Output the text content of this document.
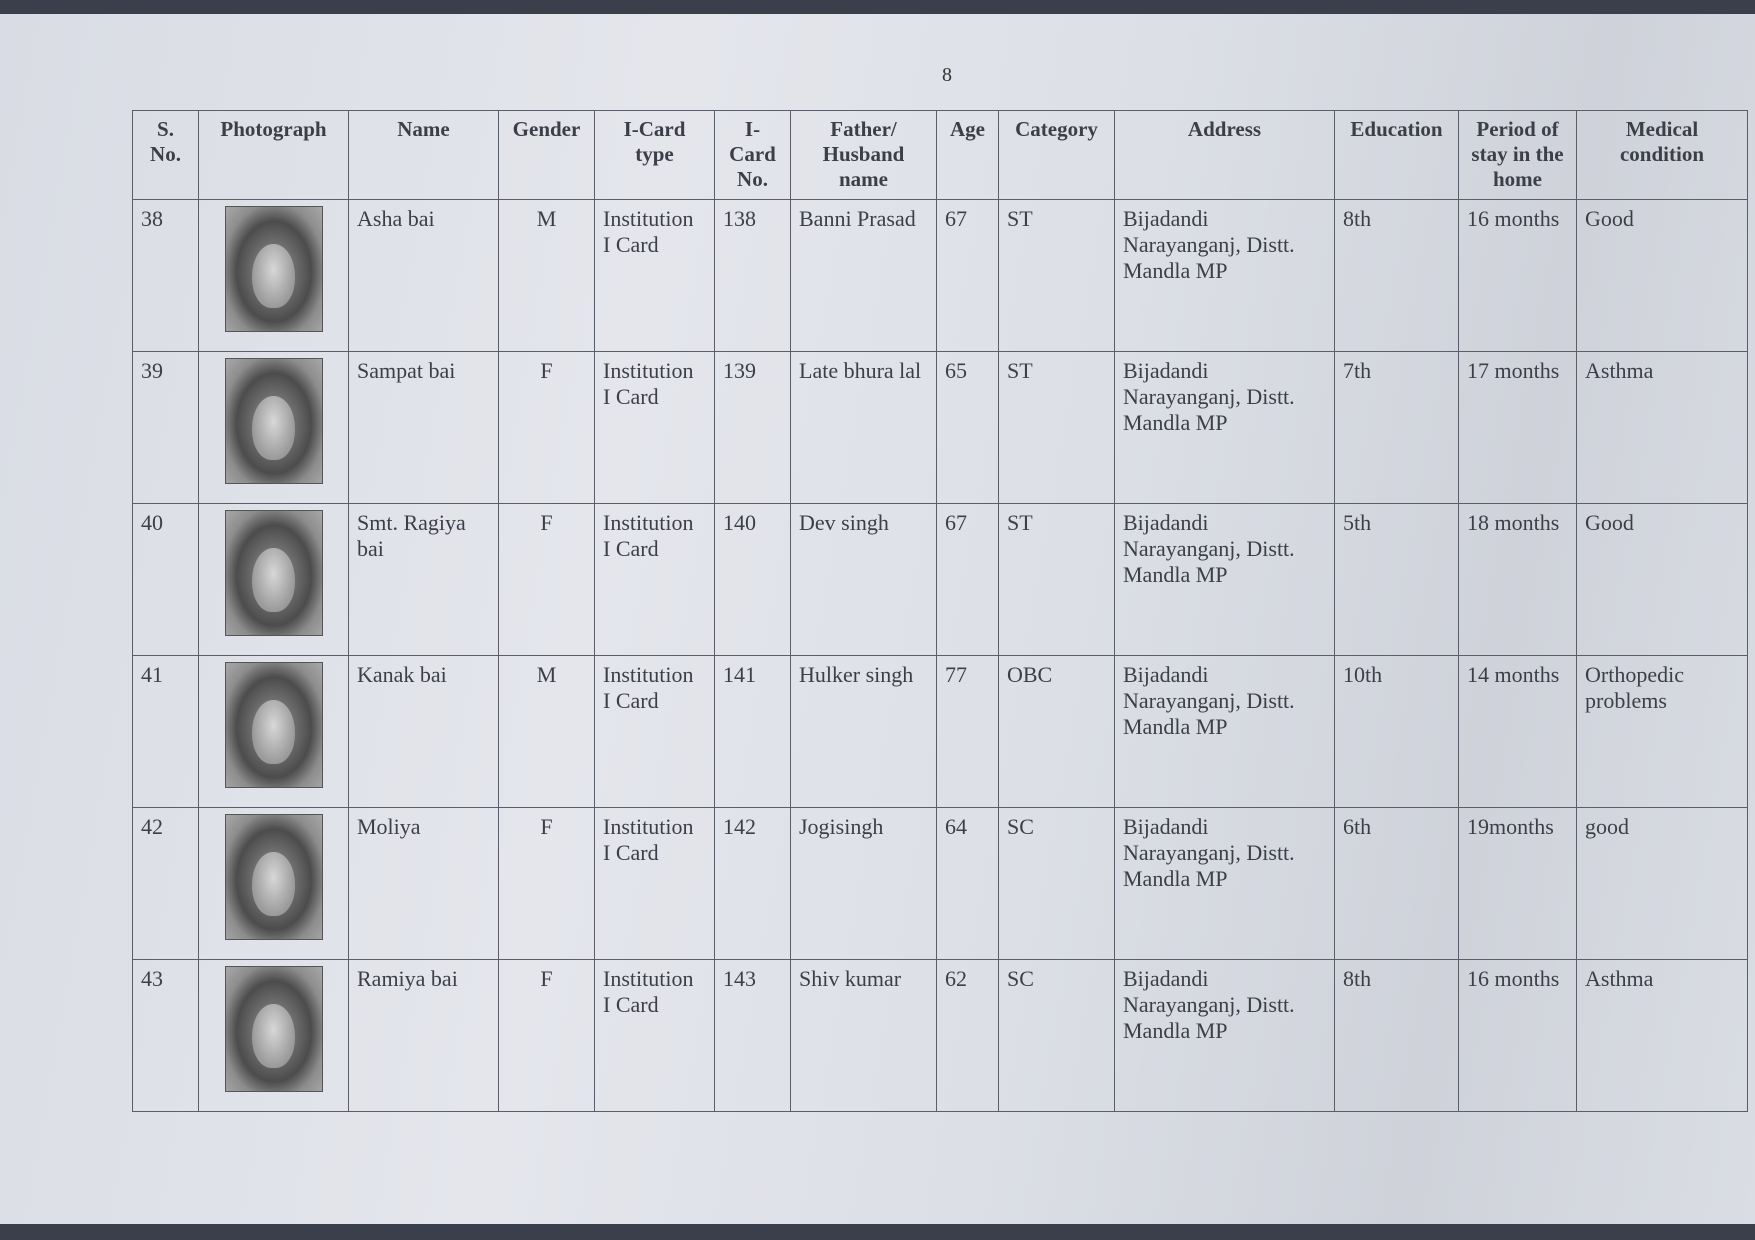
8
S. No.	Photograph	Name	Gender	I-Card type	I-Card No.	Father/ Husband name	Age	Category	Address	Education	Period of stay in the home	Medical condition
38		Asha bai	M	Institution I Card	138	Banni Prasad	67	ST	Bijadandi Narayanganj, Distt. Mandla MP	8th	16 months	Good
39		Sampat bai	F	Institution I Card	139	Late bhura lal	65	ST	Bijadandi Narayanganj, Distt. Mandla MP	7th	17 months	Asthma
40		Smt. Ragiya bai	F	Institution I Card	140	Dev singh	67	ST	Bijadandi Narayanganj, Distt. Mandla MP	5th	18 months	Good
41		Kanak bai	M	Institution I Card	141	Hulker singh	77	OBC	Bijadandi Narayanganj, Distt. Mandla MP	10th	14 months	Orthopedic problems
42		Moliya	F	Institution I Card	142	Jogisingh	64	SC	Bijadandi Narayanganj, Distt. Mandla MP	6th	19months	good
43		Ramiya bai	F	Institution I Card	143	Shiv kumar	62	SC	Bijadandi Narayanganj, Distt. Mandla MP	8th	16 months	Asthma
